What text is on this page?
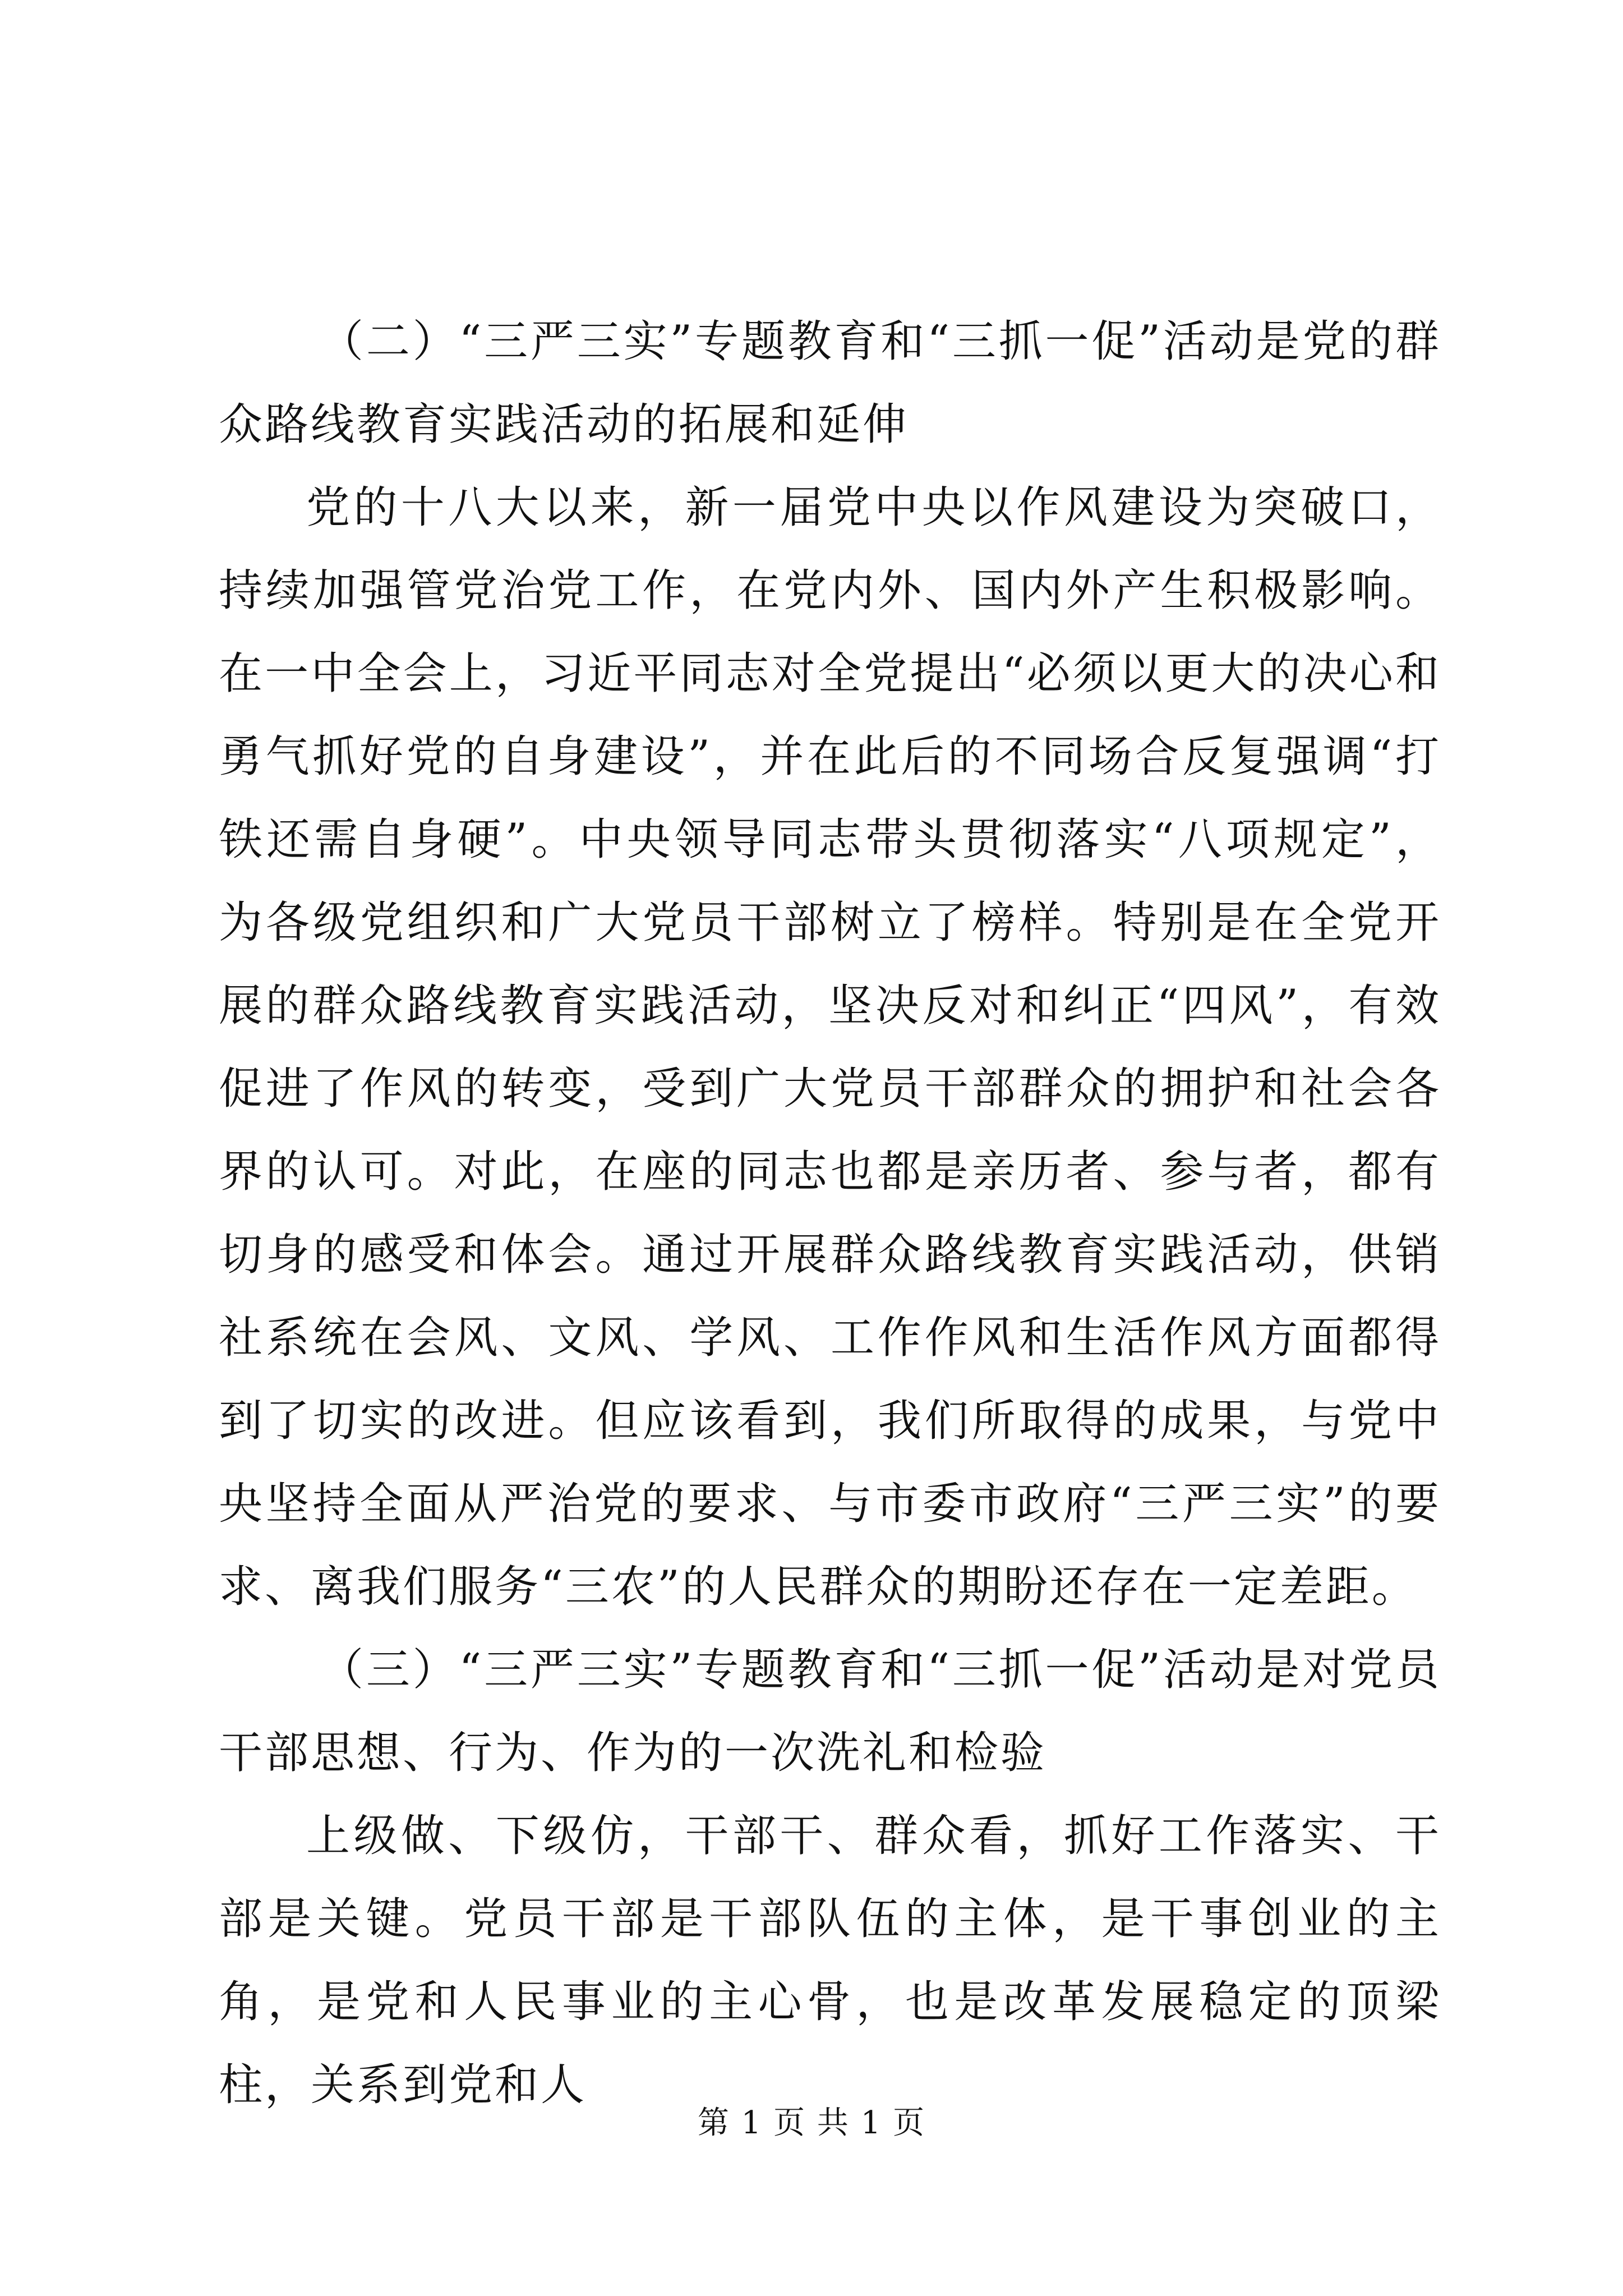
（二）“三严三实”专题教育和“三抓一促”活动是党的群众路线教育实践活动的拓展和延伸

党的十八大以来，新一届党中央以作风建设为突破口，持续加强管党治党工作，在党内外、国内外产生积极影响。在一中全会上，习近平同志对全党提出“必须以更大的决心和勇气抓好党的自身建设”，并在此后的不同场合反复强调“打铁还需自身硬”。中央领导同志带头贯彻落实“八项规定”，为各级党组织和广大党员干部树立了榜样。特别是在全党开展的群众路线教育实践活动，坚决反对和纠正“四风”，有效促进了作风的转变，受到广大党员干部群众的拥护和社会各界的认可。对此，在座的同志也都是亲历者、参与者，都有切身的感受和体会。通过开展群众路线教育实践活动，供销社系统在会风、文风、学风、工作作风和生活作风方面都得到了切实的改进。但应该看到，我们所取得的成果，与党中央坚持全面从严治党的要求、与市委市政府“三严三实”的要求、离我们服务“三农”的人民群众的期盼还存在一定差距。

（三）“三严三实”专题教育和“三抓一促”活动是对党员干部思想、行为、作为的一次洗礼和检验

上级做、下级仿，干部干、群众看，抓好工作落实、干部是关键。党员干部是干部队伍的主体，是干事创业的主角，是党和人民事业的主心骨，也是改革发展稳定的顶梁柱，关系到党和人

第 1 页 共 1 页
